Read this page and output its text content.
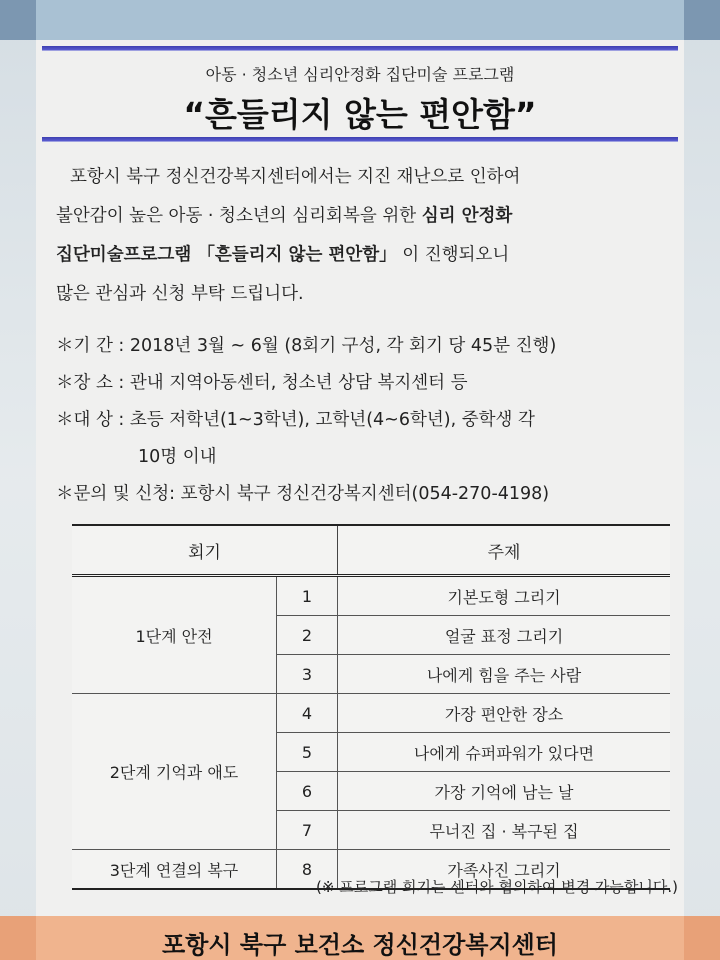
아동 · 청소년 심리안정화 집단미술 프로그램
“흔들리지 않는 편안함”

포항시 북구 정신건강복지센터에서는 지진 재난으로 인하여

불안감이 높은 아동 · 청소년의 심리회복을 위한 심리 안정화

집단미술프로그램 「흔들리지 않는 편안함」 이 진행되오니

많은 관심과 신청 부탁 드립니다.

＊기 간 : 2018년 3월 ~ 6월 (8회기 구성, 각 회기 당 45분 진행)
＊장 소 : 관내 지역아동센터, 청소년 상담 복지센터 등
＊대 상 : 초등 저학년(1~3학년), 고학년(4~6학년), 중학생 각
10명 이내
＊문의 및 신청: 포항시 북구 정신건강복지센터(054-270-4198)
회기		주제
1단계 안전	1	기본도형 그리기
	2	얼굴 표정 그리기
	3	나에게 힘을 주는 사람
2단계 기억과 애도	4	가장 편안한 장소
	5	나에게 슈퍼파워가 있다면
	6	가장 기억에 남는 날
	7	무너진 집 · 복구된 집
3단계 연결의 복구	8	가족사진 그리기
(※ 프로그램 회기는 센터와 협의하여 변경 가능합니다.)
포항시 북구 보건소 정신건강복지센터
